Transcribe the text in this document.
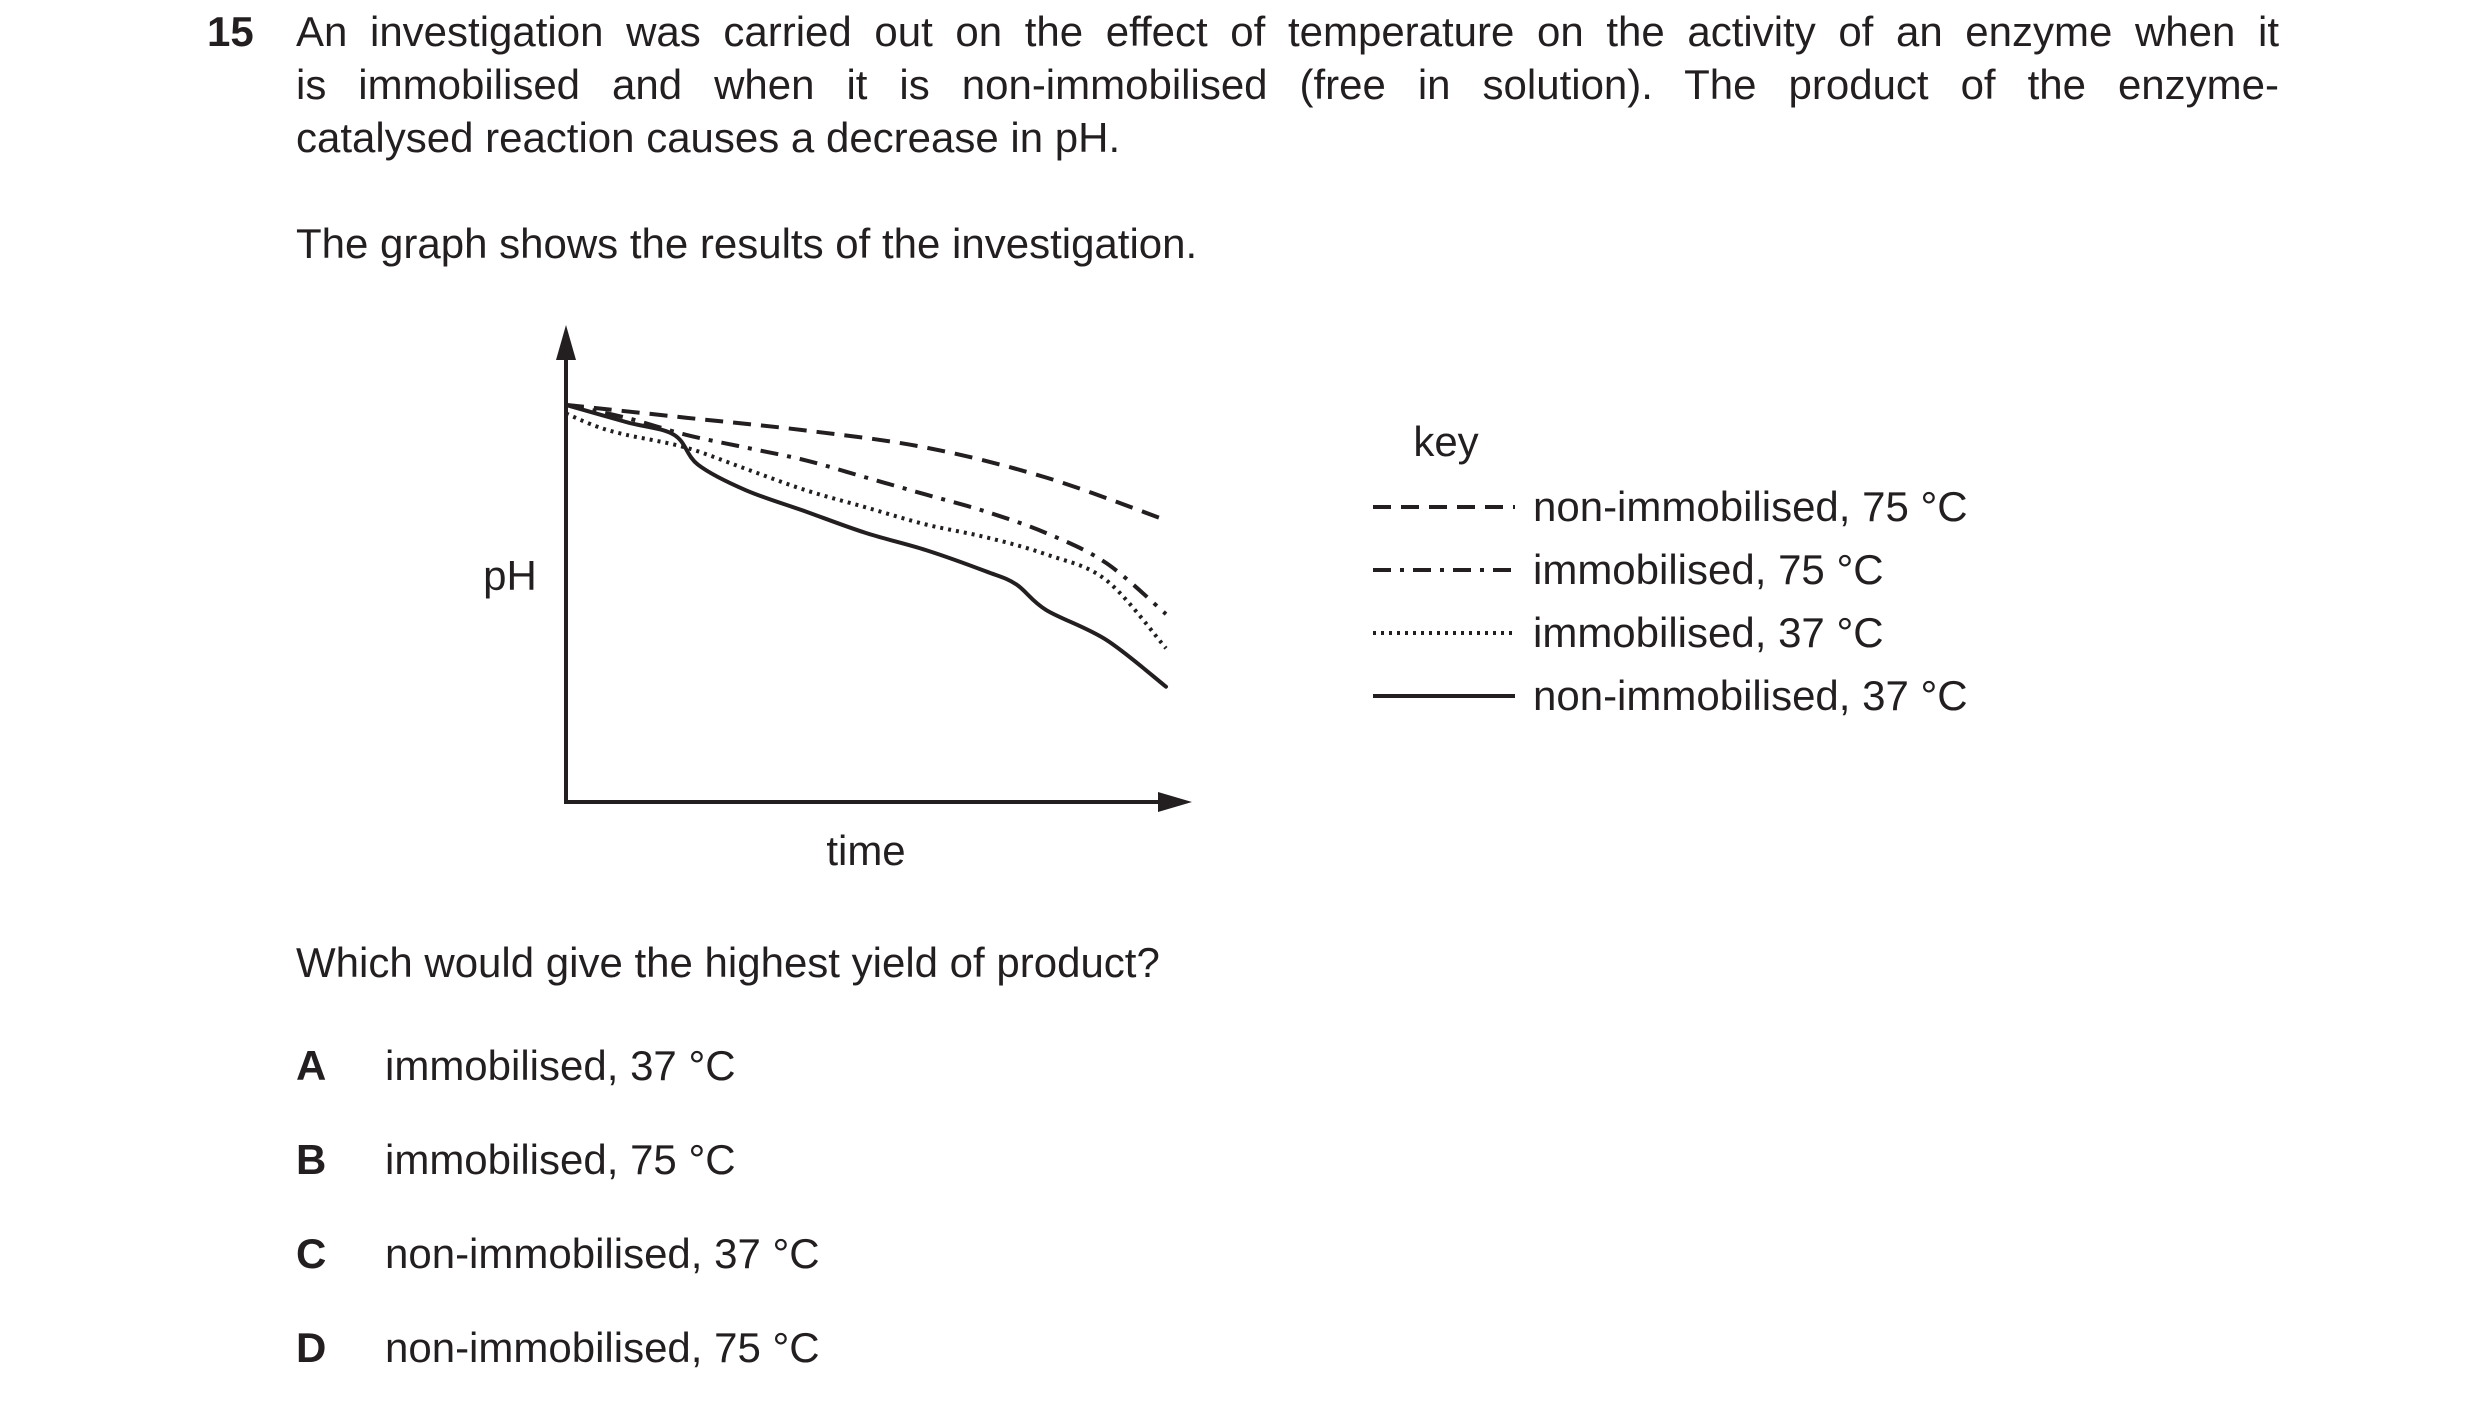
15 An investigation was carried out on the effect of temperature on the activity of an enzyme when it
is immobilised and when it is non-immobilised (free in solution). The product of the enzyme-
catalysed reaction causes a decrease in pH.
The graph shows the results of the investigation.
pH
time
key
non-immobilised, 75 °C
immobilised, 75 °C
immobilised, 37 °C
non-immobilised, 37 °C
Which would give the highest yield of product?
A immobilised, 37 °C
B immobilised, 75 °C
C non-immobilised, 37 °C
D non-immobilised, 75 °C
